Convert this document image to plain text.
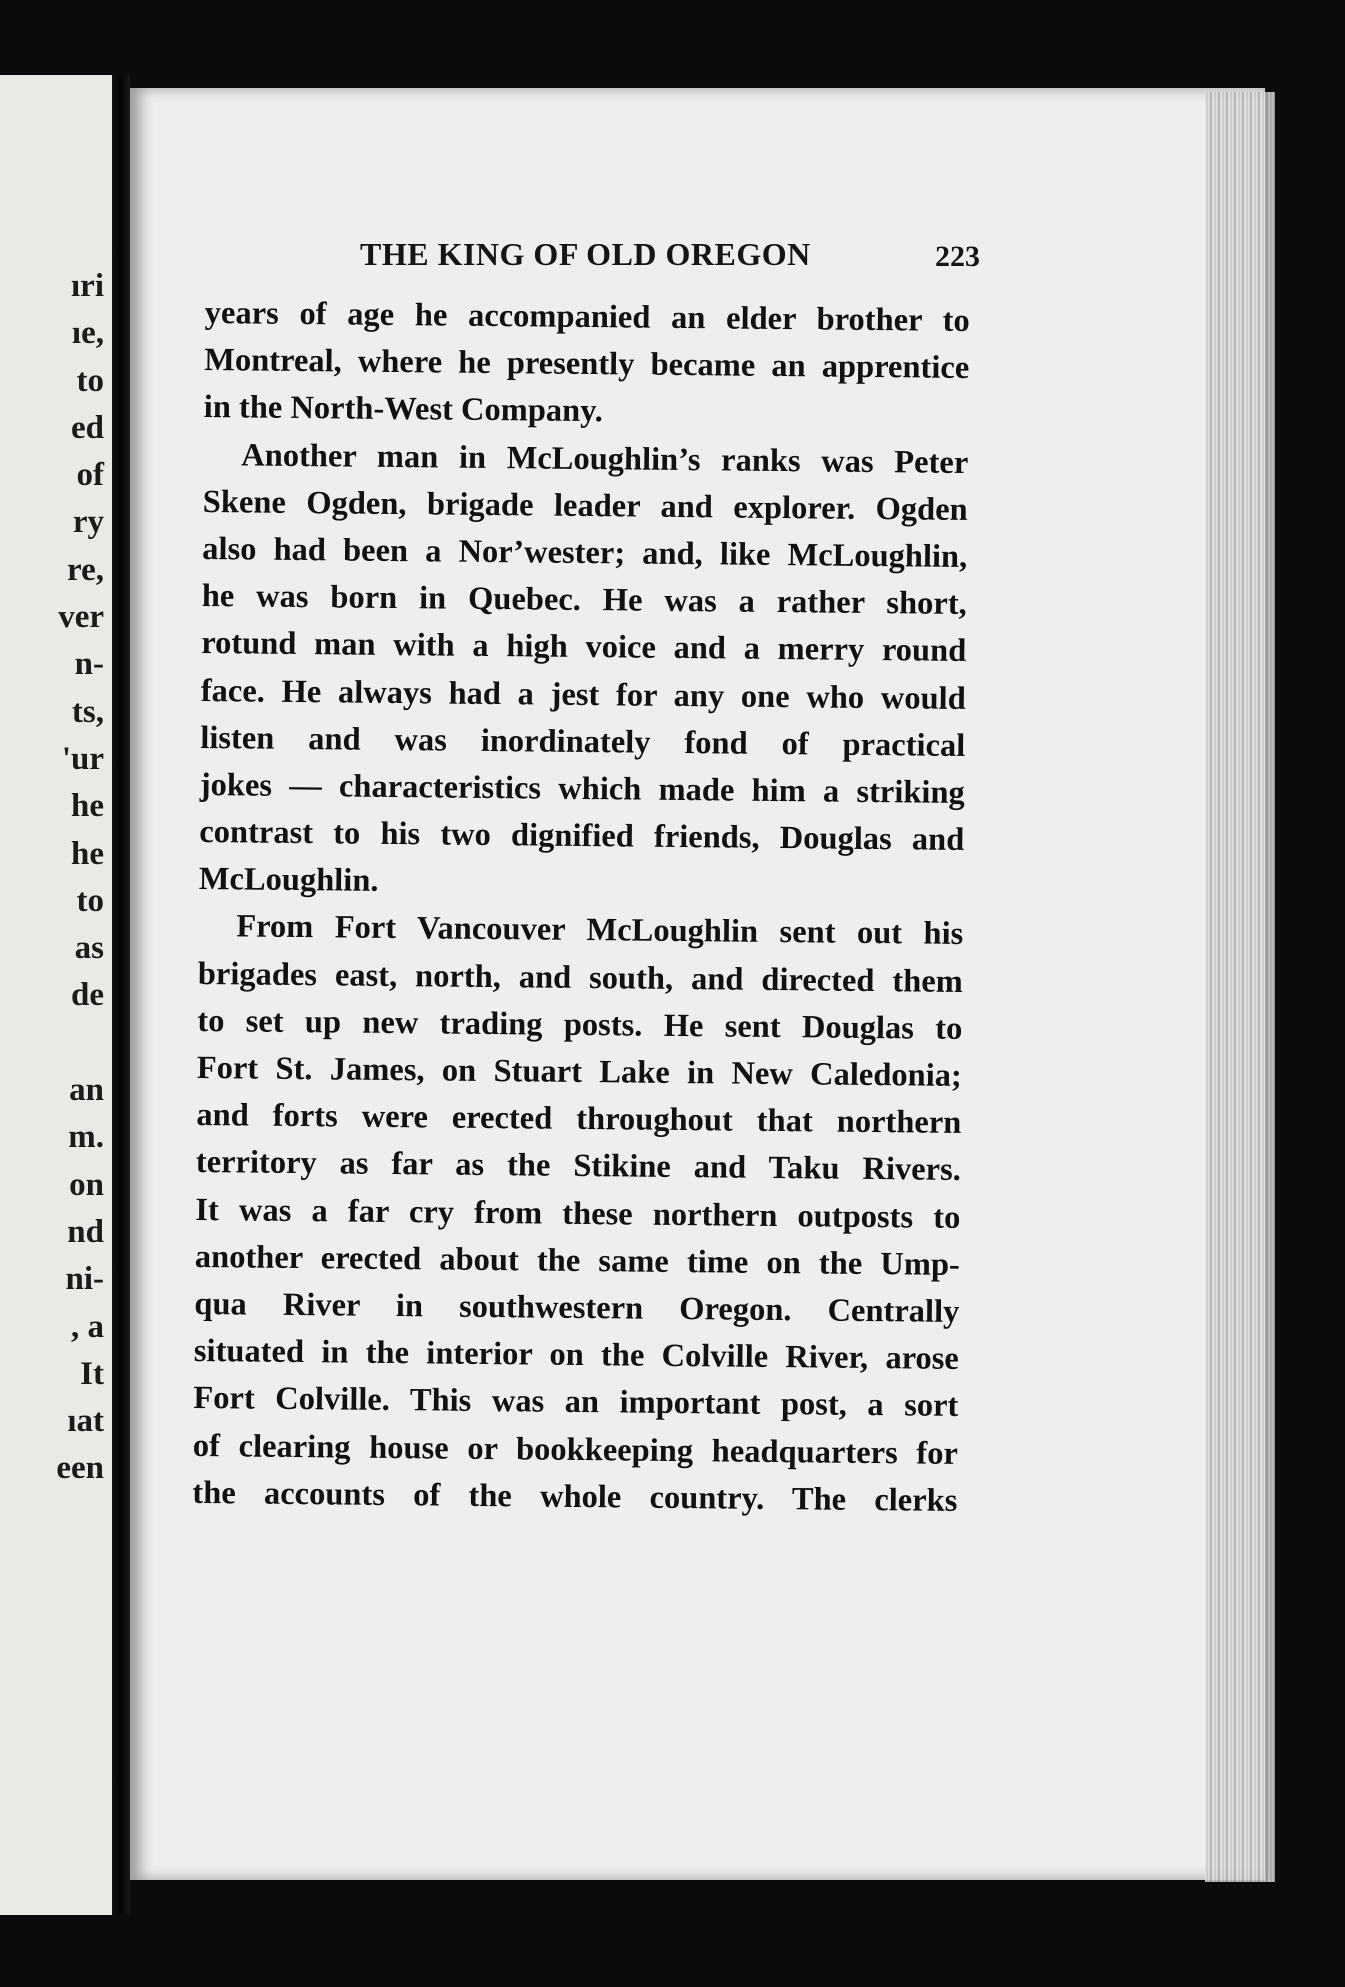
ıri
ıe,
to
ed
of
ry
re,
ver
n-
ts,
'ur
he
he
to
as
de
an
m.
on
nd
ni-
, a
It
ıat
een
THE KING OF OLD OREGON	223
years of age he accompanied an elder brother to
Montreal, where he presently became an apprentice
in the North-West Company.
Another man in McLoughlin’s ranks was Peter
Skene Ogden, brigade leader and explorer. Ogden
also had been a Nor’wester; and, like McLoughlin,
he was born in Quebec. He was a rather short,
rotund man with a high voice and a merry round
face. He always had a jest for any one who would
listen and was inordinately fond of practical
jokes — characteristics which made him a striking
contrast to his two dignified friends, Douglas and
McLoughlin.
From Fort Vancouver McLoughlin sent out his
brigades east, north, and south, and directed them
to set up new trading posts. He sent Douglas to
Fort St. James, on Stuart Lake in New Caledonia;
and forts were erected throughout that northern
territory as far as the Stikine and Taku Rivers.
It was a far cry from these northern outposts to
another erected about the same time on the Ump-
qua River in southwestern Oregon. Centrally
situated in the interior on the Colville River, arose
Fort Colville. This was an important post, a sort
of clearing house or bookkeeping headquarters for
the accounts of the whole country. The clerks
